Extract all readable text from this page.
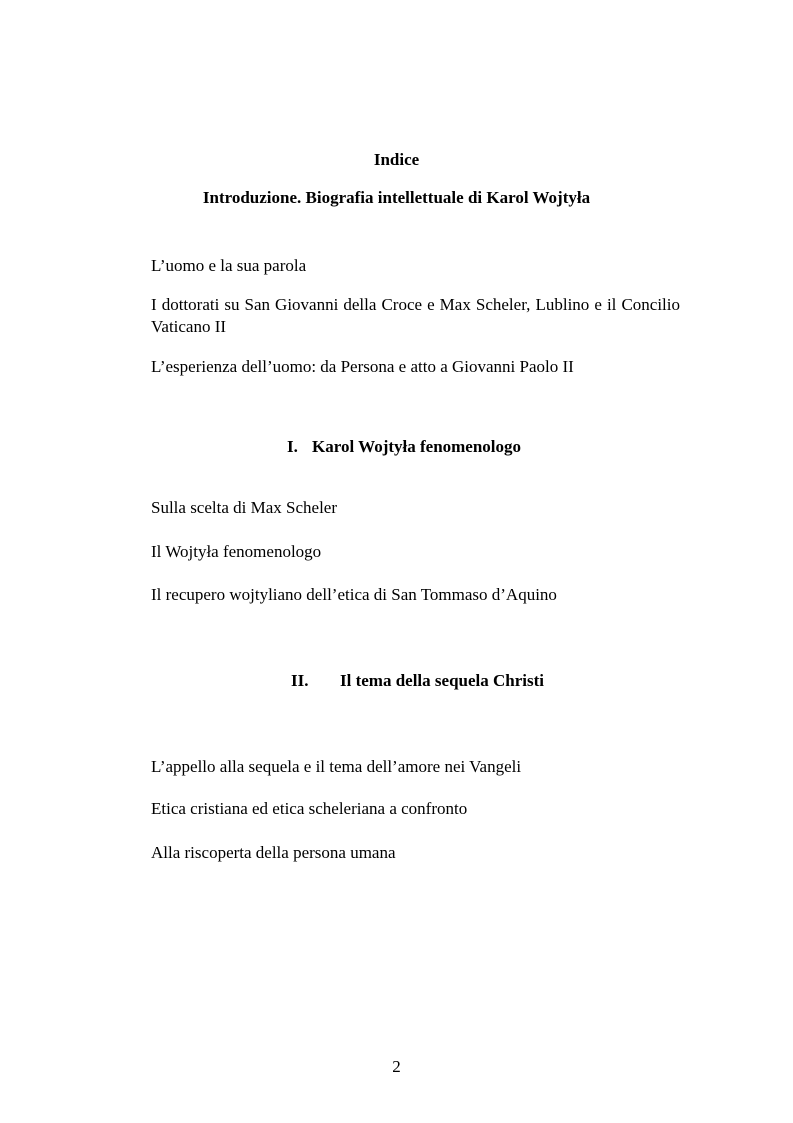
Indice
Introduzione. Biografia intellettuale di Karol Wojtyła

L’uomo e la sua parola

I dottorati su San Giovanni della Croce e Max Scheler, Lublino e il Concilio Vaticano II

L’esperienza dell’uomo: da Persona e atto a Giovanni Paolo II

I. Karol Wojtyła fenomenologo

Sulla scelta di Max Scheler

Il Wojtyła fenomenologo

Il recupero wojtyliano dell’etica di San Tommaso d’Aquino

II. Il tema della sequela Christi

L’appello alla sequela e il tema dell’amore nei Vangeli

Etica cristiana ed etica scheleriana a confronto

Alla riscoperta della persona umana

2
